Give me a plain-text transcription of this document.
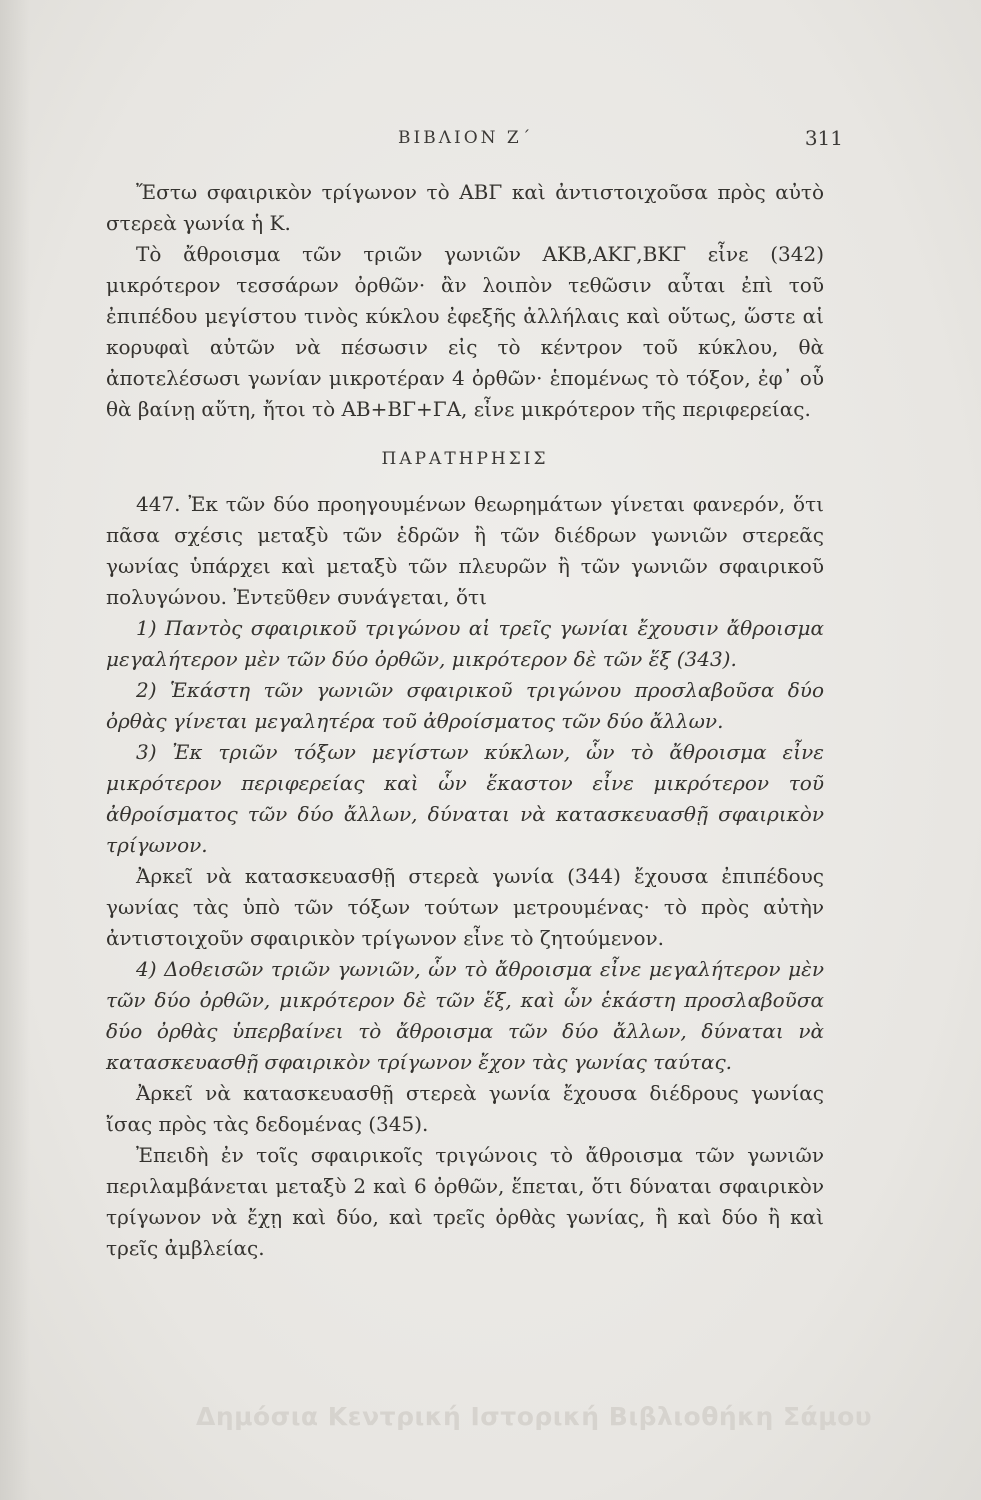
ΒΙΒΛΙΟΝ Ζ΄	311

Ἔστω σφαιρικὸν τρίγωνον τὸ ΑΒΓ καὶ ἀντιστοιχοῦσα πρὸς αὐτὸ στερεὰ γωνία ἡ Κ.

Τὸ ἄθροισμα τῶν τριῶν γωνιῶν ΑΚΒ,ΑΚΓ,ΒΚΓ εἶνε (342) μικρότερον τεσσάρων ὀρθῶν· ἂν λοιπὸν τεθῶσιν αὗται ἐπὶ τοῦ ἐπιπέδου μεγίστου τινὸς κύκλου ἐφεξῆς ἀλλήλαις καὶ οὕτως, ὥστε αἱ κορυφαὶ αὐτῶν νὰ πέσωσιν εἰς τὸ κέντρον τοῦ κύκλου, θὰ ἀποτελέσωσι γωνίαν μικροτέραν 4 ὀρθῶν· ἑπομένως τὸ τόξον, ἐφ᾽ οὗ θὰ βαίνῃ αὕτη, ἤτοι τὸ ΑΒ+ΒΓ+ΓΑ, εἶνε μικρότερον τῆς περιφερείας.

ΠΑΡΑΤΗΡΗΣΙΣ

447. Ἐκ τῶν δύο προηγουμένων θεωρημάτων γίνεται φανερόν, ὅτι πᾶσα σχέσις μεταξὺ τῶν ἑδρῶν ἢ τῶν διέδρων γωνιῶν στερεᾶς γωνίας ὑπάρχει καὶ μεταξὺ τῶν πλευρῶν ἢ τῶν γωνιῶν σφαιρικοῦ πολυγώνου. Ἐντεῦθεν συνάγεται, ὅτι

1) Παντὸς σφαιρικοῦ τριγώνου αἱ τρεῖς γωνίαι ἔχουσιν ἄθροισμα μεγαλήτερον μὲν τῶν δύο ὀρθῶν, μικρότερον δὲ τῶν ἕξ (343).

2) Ἑκάστη τῶν γωνιῶν σφαιρικοῦ τριγώνου προσλαβοῦσα δύο ὀρθὰς γίνεται μεγαλητέρα τοῦ ἀθροίσματος τῶν δύο ἄλλων.

3) Ἐκ τριῶν τόξων μεγίστων κύκλων, ὧν τὸ ἄθροισμα εἶνε μικρότερον περιφερείας καὶ ὧν ἕκαστον εἶνε μικρότερον τοῦ ἀθροίσματος τῶν δύο ἄλλων, δύναται νὰ κατασκευασθῇ σφαιρικὸν τρίγωνον.

Ἀρκεῖ νὰ κατασκευασθῇ στερεὰ γωνία (344) ἔχουσα ἐπιπέδους γωνίας τὰς ὑπὸ τῶν τόξων τούτων μετρουμένας· τὸ πρὸς αὐτὴν ἀντιστοιχοῦν σφαιρικὸν τρίγωνον εἶνε τὸ ζητούμενον.

4) Δοθεισῶν τριῶν γωνιῶν, ὧν τὸ ἄθροισμα εἶνε μεγαλήτερον μὲν τῶν δύο ὀρθῶν, μικρότερον δὲ τῶν ἕξ, καὶ ὧν ἑκάστη προσλαβοῦσα δύο ὀρθὰς ὑπερβαίνει τὸ ἄθροισμα τῶν δύο ἄλλων, δύναται νὰ κατασκευασθῇ σφαιρικὸν τρίγωνον ἔχον τὰς γωνίας ταύτας.

Ἀρκεῖ νὰ κατασκευασθῇ στερεὰ γωνία ἔχουσα διέδρους γωνίας ἴσας πρὸς τὰς δεδομένας (345).

Ἐπειδὴ ἐν τοῖς σφαιρικοῖς τριγώνοις τὸ ἄθροισμα τῶν γωνιῶν περιλαμβάνεται μεταξὺ 2 καὶ 6 ὀρθῶν, ἕπεται, ὅτι δύναται σφαιρικὸν τρίγωνον νὰ ἔχῃ καὶ δύο, καὶ τρεῖς ὀρθὰς γωνίας, ἢ καὶ δύο ἢ καὶ τρεῖς ἀμβλείας.

Δημόσια Κεντρική Ιστορική Βιβλιοθήκη Σάμου
